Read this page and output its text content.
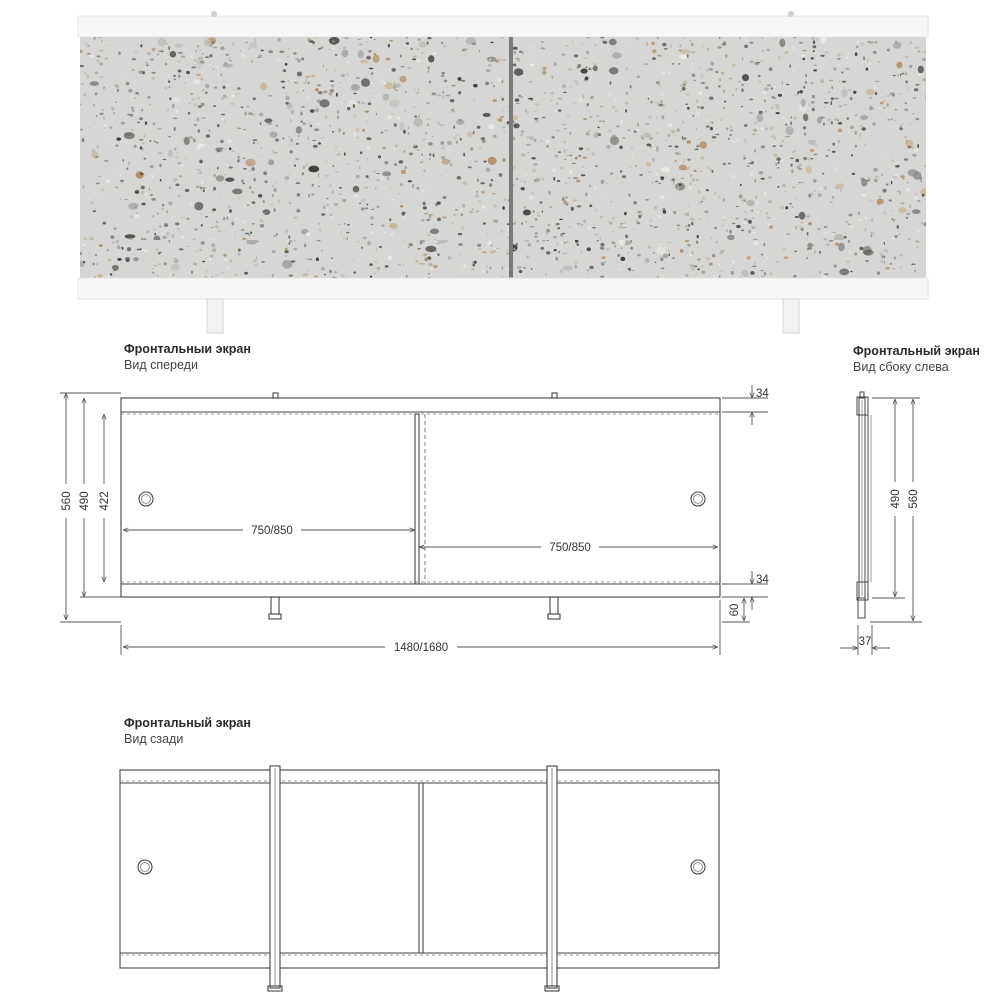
560 490 422
750/850
750/850
1480/1680
34
34
60
490 560
37
Фронтальныи экран
Вид спереди
Фронтальный экран
Вид сбоку слева
Фронтальный экран
Вид сзади
